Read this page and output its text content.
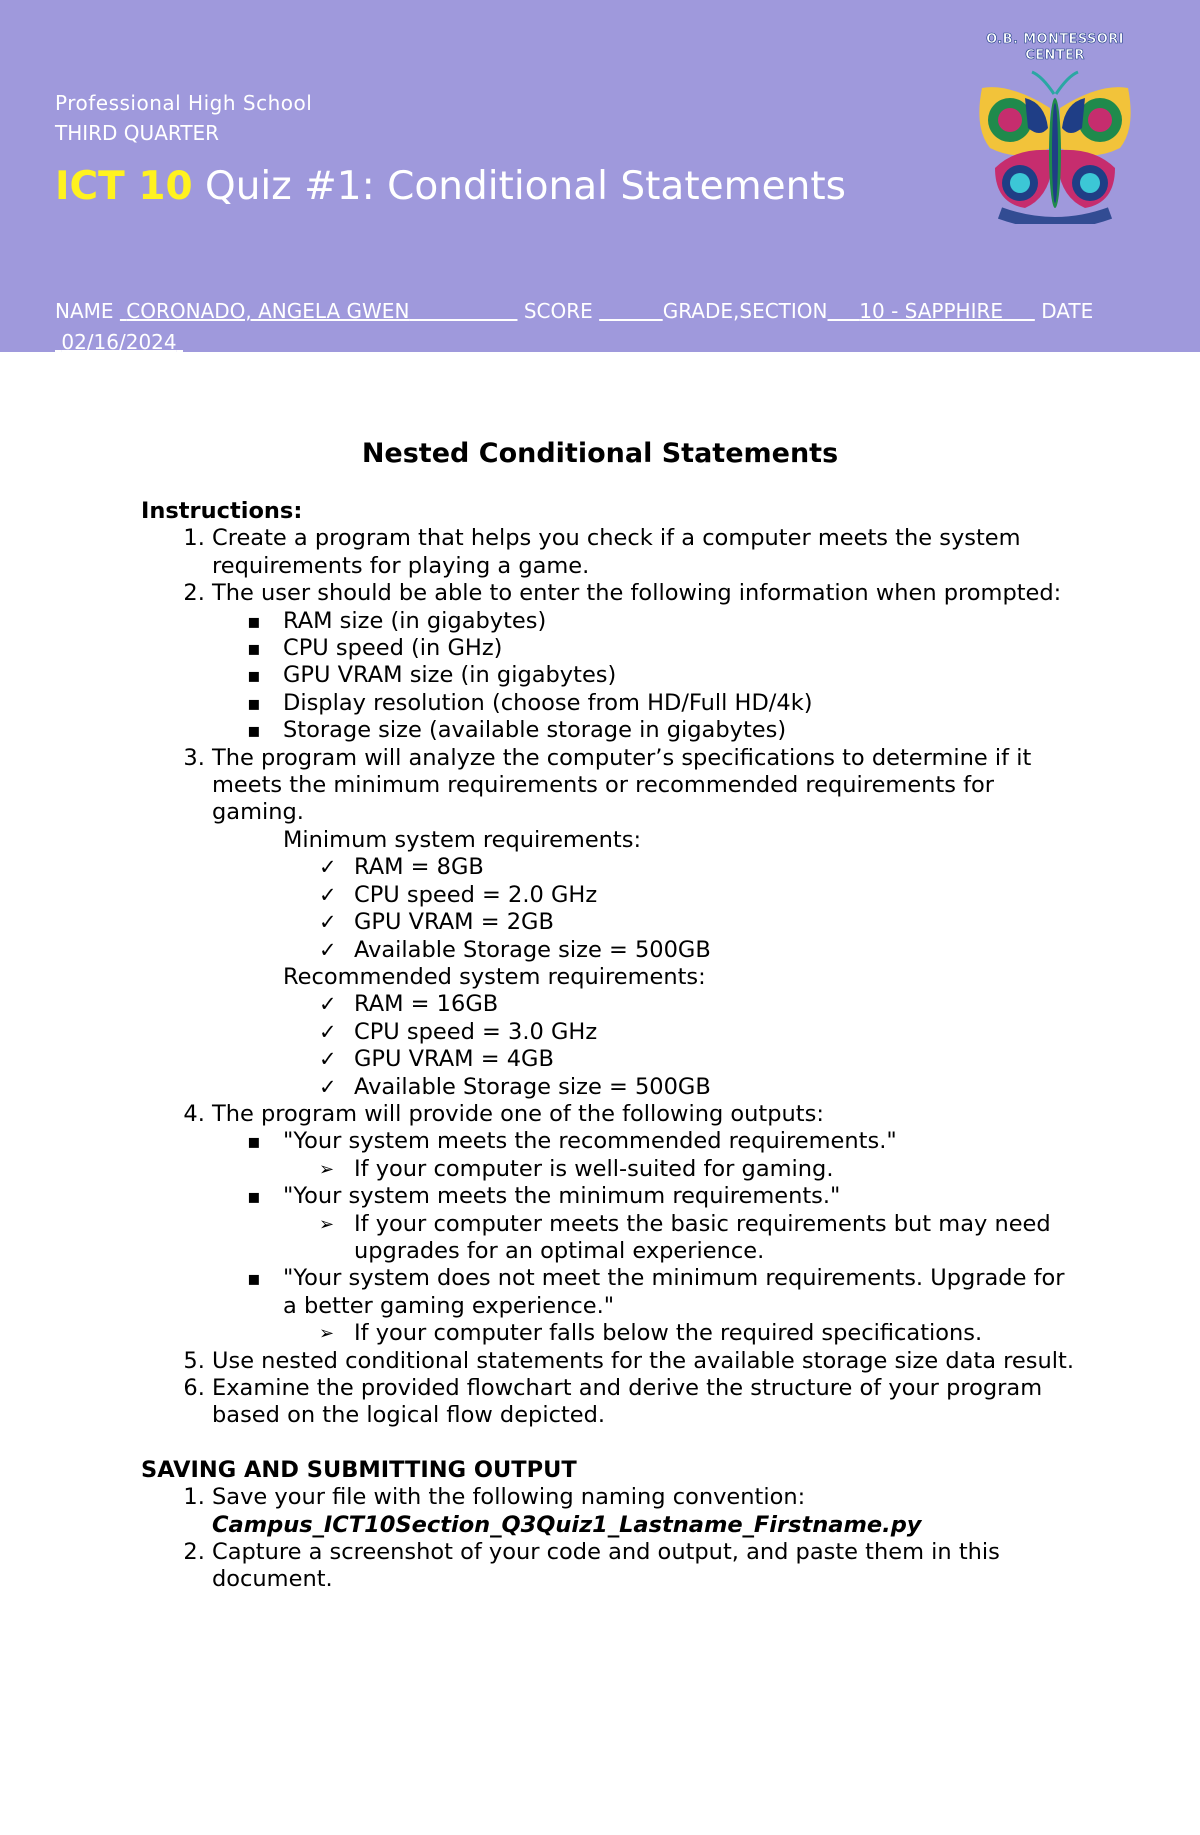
Professional High School
THIRD QUARTER
ICT 10 Quiz #1: Conditional Statements
NAME CORONADO, ANGELA GWEN	SCORE	GRADE,SECTION 10 - SAPPHIRE DATE
02/16/2024
O.B. MONTESSORI
CENTER
Nested Conditional Statements
Instructions:
1. Create a program that helps you check if a computer meets the system requirements for playing a game.
2. The user should be able to enter the following information when prompted:
▪ RAM size (in gigabytes)
▪ CPU speed (in GHz)
▪ GPU VRAM size (in gigabytes)
▪ Display resolution (choose from HD/Full HD/4k)
▪ Storage size (available storage in gigabytes)
3. The program will analyze the computer’s specifications to determine if it meets the minimum requirements or recommended requirements for gaming.
Minimum system requirements:
✓ RAM = 8GB
✓ CPU speed = 2.0 GHz
✓ GPU VRAM = 2GB
✓ Available Storage size = 500GB
Recommended system requirements:
✓ RAM = 16GB
✓ CPU speed = 3.0 GHz
✓ GPU VRAM = 4GB
✓ Available Storage size = 500GB
4. The program will provide one of the following outputs:
▪ "Your system meets the recommended requirements."
➢ If your computer is well-suited for gaming.
▪ "Your system meets the minimum requirements."
➢ If your computer meets the basic requirements but may need upgrades for an optimal experience.
▪ "Your system does not meet the minimum requirements. Upgrade for a better gaming experience."
➢ If your computer falls below the required specifications.
5. Use nested conditional statements for the available storage size data result.
6. Examine the provided flowchart and derive the structure of your program based on the logical flow depicted.
SAVING AND SUBMITTING OUTPUT
1. Save your file with the following naming convention:
Campus_ICT10Section_Q3Quiz1_Lastname_Firstname.py
2. Capture a screenshot of your code and output, and paste them in this document.
